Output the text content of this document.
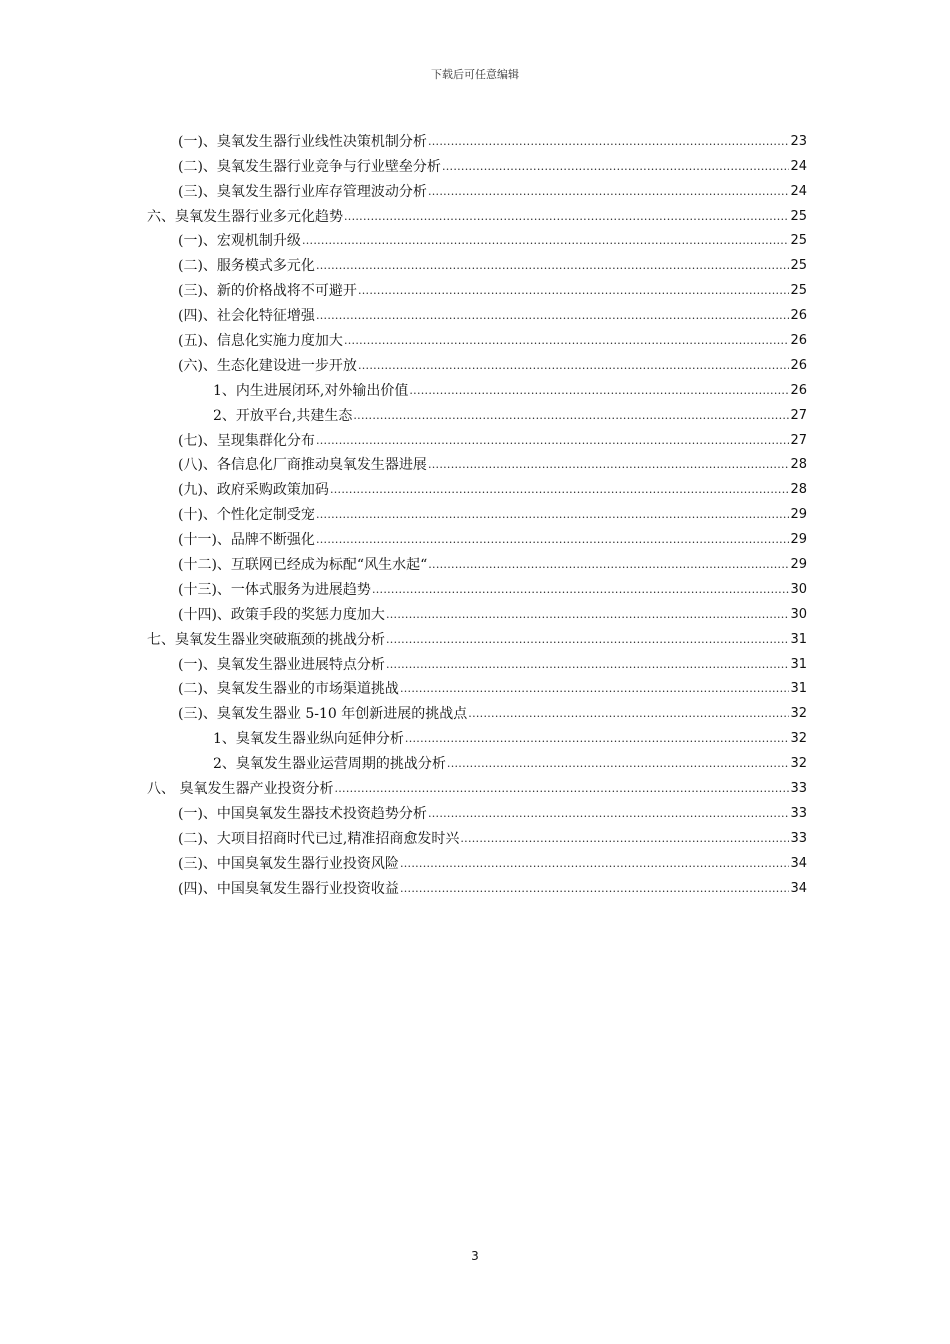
下载后可任意编辑
(一)、臭氧发生器行业线性决策机制分析 .....	23
(二)、臭氧发生器行业竞争与行业壁垒分析 .....	24
(三)、臭氧发生器行业库存管理波动分析 .....	24
六、臭氧发生器行业多元化趋势 .....	25
(一)、宏观机制升级 .....	25
(二)、服务模式多元化 .....	25
(三)、新的价格战将不可避开 .....	25
(四)、社会化特征增强 .....	26
(五)、信息化实施力度加大 .....	26
(六)、生态化建设进一步开放 .....	26
1、内生进展闭环,对外输出价值 .....	26
2、开放平台,共建生态 .....	27
(七)、呈现集群化分布 .....	27
(八)、各信息化厂商推动臭氧发生器进展 .....	28
(九)、政府采购政策加码 .....	28
(十)、个性化定制受宠 .....	29
(十一)、品牌不断强化 .....	29
(十二)、互联网已经成为标配“风生水起“ .....	29
(十三)、一体式服务为进展趋势 .....	30
(十四)、政策手段的奖惩力度加大 .....	30
七、臭氧发生器业突破瓶颈的挑战分析 .....	31
(一)、臭氧发生器业进展特点分析 .....	31
(二)、臭氧发生器业的市场渠道挑战 .....	31
(三)、臭氧发生器业 5-10 年创新进展的挑战点 .....	32
1、臭氧发生器业纵向延伸分析 .....	32
2、臭氧发生器业运营周期的挑战分析 .....	32
八、 臭氧发生器产业投资分析 .....	33
(一)、中国臭氧发生器技术投资趋势分析 .....	33
(二)、大项目招商时代已过,精准招商愈发时兴 .....	33
(三)、中国臭氧发生器行业投资风险 .....	34
(四)、中国臭氧发生器行业投资收益 .....	34
3
